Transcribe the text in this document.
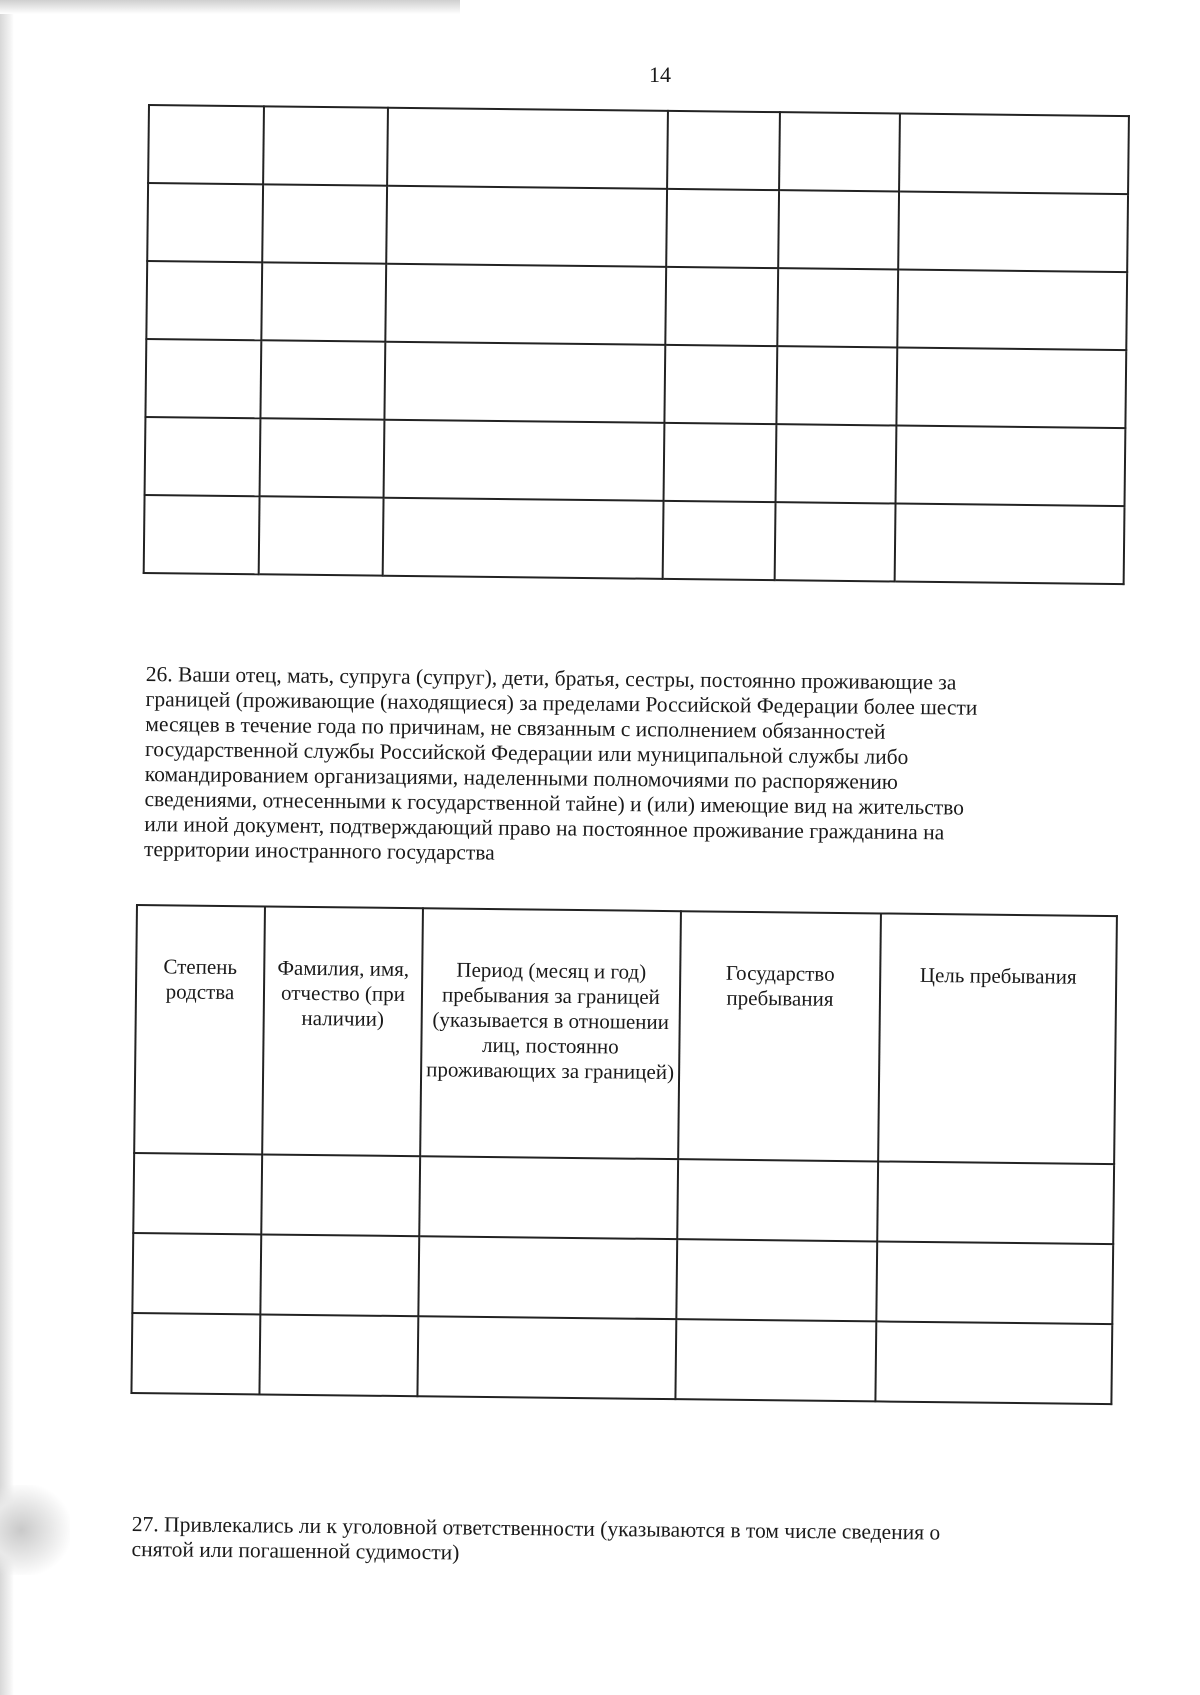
14

26. Ваши отец, мать, супруга (супруг), дети, братья, сестры, постоянно проживающие за
границей (проживающие (находящиеся) за пределами Российской Федерации более шести
месяцев в течение года по причинам, не связанным с исполнением обязанностей
государственной службы Российской Федерации или муниципальной службы либо
командированием организациями, наделенными полномочиями по распоряжению
сведениями, отнесенными к государственной тайне) и (или) имеющие вид на жительство
или иной документ, подтверждающий право на постоянное проживание гражданина на
территории иностранного государства
Степень родства	Фамилия, имя, отчество (при наличии)	Период (месяц и год) пребывания за границей (указывается в отношении лиц, постоянно проживающих за границей)	Государство пребывания	Цель пребывания

27. Привлекались ли к уголовной ответственности (указываются в том числе сведения о
снятой или погашенной судимости)
